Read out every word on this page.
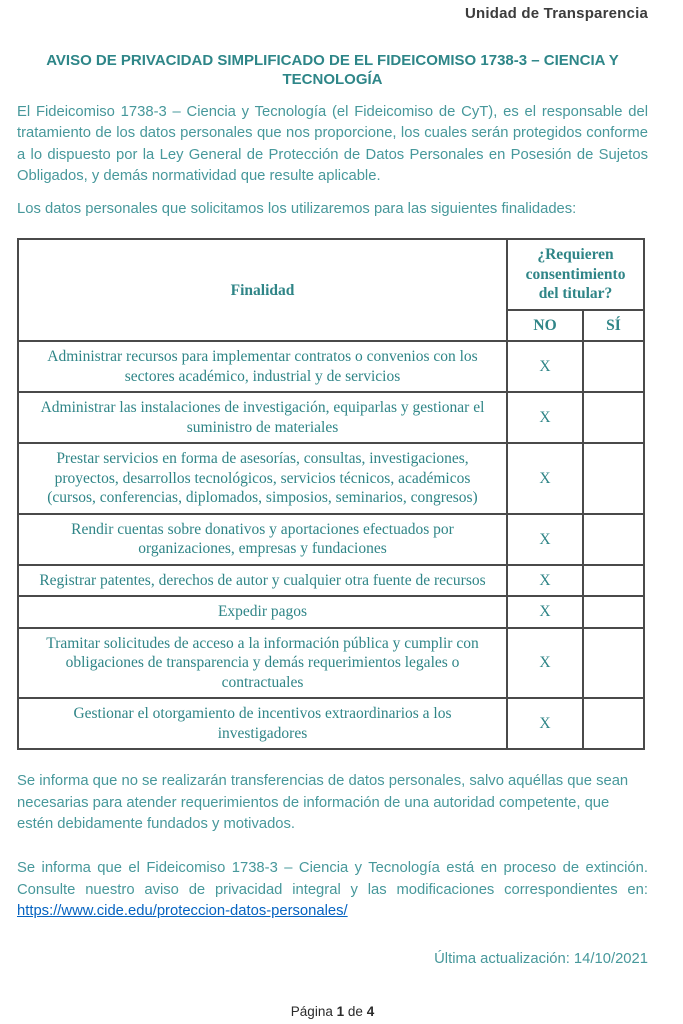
Unidad de Transparencia
AVISO DE PRIVACIDAD SIMPLIFICADO DE EL FIDEICOMISO 1738-3 – CIENCIA Y TECNOLOGÍA

El Fideicomiso 1738-3 – Ciencia y Tecnología (el Fideicomiso de CyT), es el responsable del tratamiento de los datos personales que nos proporcione, los cuales serán protegidos conforme a lo dispuesto por la Ley General de Protección de Datos Personales en Posesión de Sujetos Obligados, y demás normatividad que resulte aplicable.

Los datos personales que solicitamos los utilizaremos para las siguientes finalidades:

Finalidad	¿Requieren consentimiento del titular?	
	NO	SÍ
Administrar recursos para implementar contratos o convenios con los sectores académico, industrial y de servicios	X	
Administrar las instalaciones de investigación, equiparlas y gestionar el suministro de materiales	X	
Prestar servicios en forma de asesorías, consultas, investigaciones, proyectos, desarrollos tecnológicos, servicios técnicos, académicos (cursos, conferencias, diplomados, simposios, seminarios, congresos)	X	
Rendir cuentas sobre donativos y aportaciones efectuados por organizaciones, empresas y fundaciones	X	
Registrar patentes, derechos de autor y cualquier otra fuente de recursos	X	
Expedir pagos	X	
Tramitar solicitudes de acceso a la información pública y cumplir con obligaciones de transparencia y demás requerimientos legales o contractuales	X	
Gestionar el otorgamiento de incentivos extraordinarios a los investigadores	X	

Se informa que no se realizarán transferencias de datos personales, salvo aquéllas que sean necesarias para atender requerimientos de información de una autoridad competente, que estén debidamente fundados y motivados.

Se informa que el Fideicomiso 1738-3 – Ciencia y Tecnología está en proceso de extinción. Consulte nuestro aviso de privacidad integral y las modificaciones correspondientes en: https://www.cide.edu/proteccion-datos-personales/

Última actualización: 14/10/2021

Página 1 de 4
